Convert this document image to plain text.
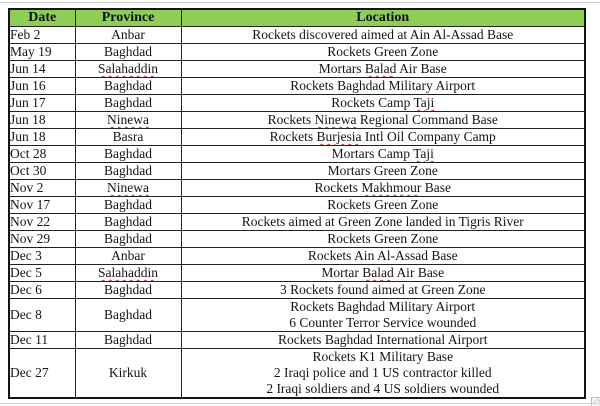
Date	Province	Location
Feb 2	Anbar	Rockets discovered aimed at Ain Al-Assad Base

May 19	Baghdad	Rockets Green Zone

Jun 14	Salahaddin	Mortars Balad Air Base

Jun 16	Baghdad	Rockets Baghdad Military Airport

Jun 17	Baghdad	Rockets Camp Taji

Jun 18	Ninewa	Rockets Ninewa Regional Command Base

Jun 18	Basra	Rockets Burjesia Intl Oil Company Camp

Oct 28	Baghdad	Mortars Camp Taji

Oct 30	Baghdad	Mortars Green Zone

Nov 2	Ninewa	Rockets Makhmour Base

Nov 17	Baghdad	Rockets Green Zone

Nov 22	Baghdad	Rockets aimed at Green Zone landed in Tigris River

Nov 29	Baghdad	Rockets Green Zone

Dec 3	Anbar	Rockets Ain Al-Assad Base

Dec 5	Salahaddin	Mortar Balad Air Base

Dec 6	Baghdad	3 Rockets found aimed at Green Zone

Dec 8	Baghdad	Rockets Baghdad Military Airport
6 Counter Terror Service wounded

Dec 11	Baghdad	Rockets Baghdad International Airport

Dec 27	Kirkuk	Rockets K1 Military Base
2 Iraqi police and 1 US contractor killed
2 Iraqi soldiers and 4 US soldiers wounded
